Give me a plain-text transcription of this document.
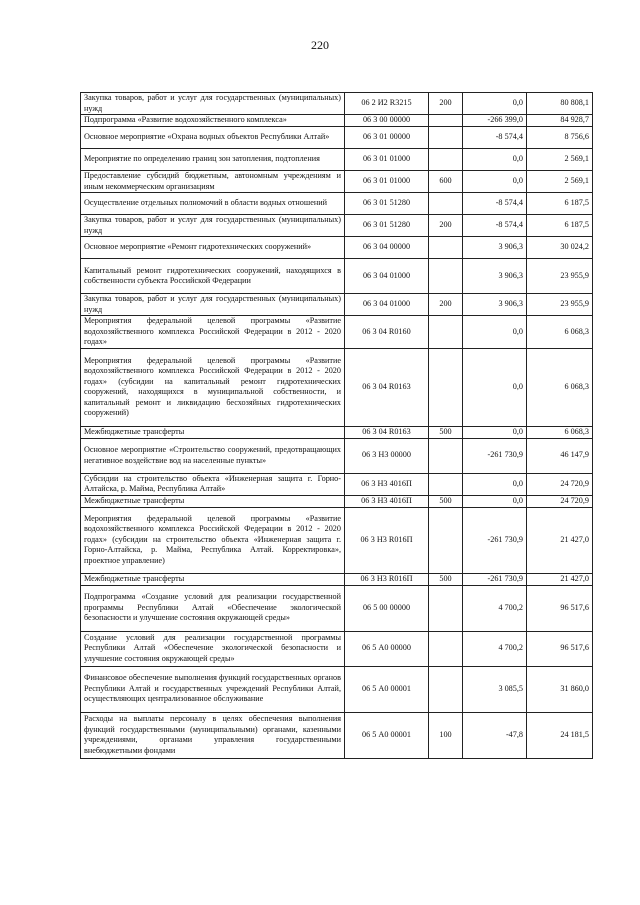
220
Закупка товаров, работ и услуг для государственных (муниципальных) нужд	06 2 И2 R3215	200	0,0	80 808,1
Подпрограмма «Развитие водохозяйственного комплекса»	06 3 00 00000		-266 399,0	84 928,7
Основное мероприятие «Охрана водных объектов Республики Алтай»	06 3 01 00000		-8 574,4	8 756,6
Мероприятие по определению границ зон затопления, подтопления	06 3 01 01000		0,0	2 569,1
Предоставление субсидий бюджетным, автономным учреждениям и иным некоммерческим организациям	06 3 01 01000	600	0,0	2 569,1
Осуществление отдельных полномочий в области водных отношений	06 3 01 51280		-8 574,4	6 187,5
Закупка товаров, работ и услуг для государственных (муниципальных) нужд	06 3 01 51280	200	-8 574,4	6 187,5
Основное мероприятие «Ремонт гидротехнических сооружений»	06 3 04 00000		3 906,3	30 024,2
Капитальный ремонт гидротехнических сооружений, находящихся в собственности субъекта Российской Федерации	06 3 04 01000		3 906,3	23 955,9
Закупка товаров, работ и услуг для государственных (муниципальных) нужд	06 3 04 01000	200	3 906,3	23 955,9
Мероприятия федеральной целевой программы «Развитие водохозяйственного комплекса Российской Федерации в 2012 - 2020 годах»	06 3 04 R0160		0,0	6 068,3
Мероприятия федеральной целевой программы «Развитие водохозяйственного комплекса Российской Федерации в 2012 - 2020 годах» (субсидии на капитальный ремонт гидротехнических сооружений, находящихся в муниципальной собственности, и капитальный ремонт и ликвидацию бесхозяйных гидротехнических сооружений)	06 3 04 R0163		0,0	6 068,3
Межбюджетные трансферты	06 3 04 R0163	500	0,0	6 068,3
Основное мероприятие «Строительство сооружений, предотвращающих негативное воздействие вод на населенные пункты»	06 3 Н3 00000		-261 730,9	46 147,9
Субсидии на строительство объекта «Инженерная защита г. Горно-Алтайска, р. Майма, Республика Алтай»	06 3 Н3 4016П		0,0	24 720,9
Межбюджетные трансферты	06 3 Н3 4016П	500	0,0	24 720,9
Мероприятия федеральной целевой программы «Развитие водохозяйственного комплекса Российской Федерации в 2012 - 2020 годах» (субсидии на строительство объекта «Инженерная защита г. Горно-Алтайска, р. Майма, Республика Алтай. Корректировка», проектное управление)	06 3 Н3 R016П		-261 730,9	21 427,0
Межбюджетные трансферты	06 3 Н3 R016П	500	-261 730,9	21 427,0
Подпрограмма «Создание условий для реализации государственной программы Республики Алтай «Обеспечение экологической безопасности и улучшение состояния окружающей среды»	06 5 00 00000		4 700,2	96 517,6
Создание условий для реализации государственной программы Республики Алтай «Обеспечение экологической безопасности и улучшение состояния окружающей среды»	06 5 А0 00000		4 700,2	96 517,6
Финансовое обеспечение выполнения функций государственных органов Республики Алтай и государственных учреждений Республики Алтай, осуществляющих централизованное обслуживание	06 5 А0 00001		3 085,5	31 860,0
Расходы на выплаты персоналу в целях обеспечения выполнения функций государственными (муниципальными) органами, казенными учреждениями, органами управления государственными внебюджетными фондами	06 5 А0 00001	100	-47,8	24 181,5
